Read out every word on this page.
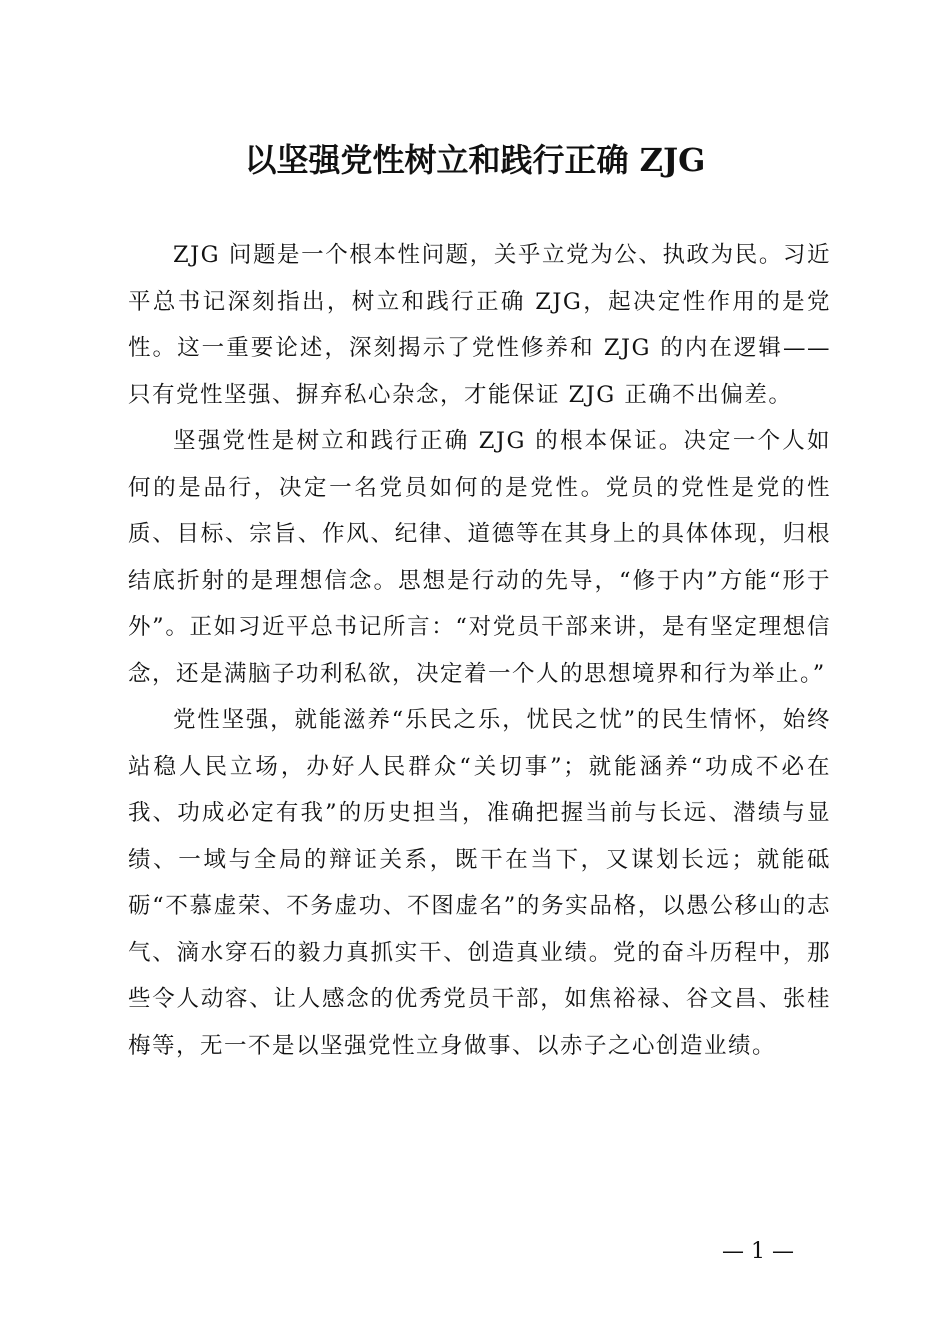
以坚强党性树立和践行正确 ZJG

ZJG 问题是一个根本性问题，关乎立党为公、执政为民。习近平总书记深刻指出，树立和践行正确 ZJG，起决定性作用的是党性。这一重要论述，深刻揭示了党性修养和 ZJG 的内在逻辑——只有党性坚强、摒弃私心杂念，才能保证 ZJG 正确不出偏差。

坚强党性是树立和践行正确 ZJG 的根本保证。决定一个人如何的是品行，决定一名党员如何的是党性。党员的党性是党的性质、目标、宗旨、作风、纪律、道德等在其身上的具体体现，归根结底折射的是理想信念。思想是行动的先导，“修于内”方能“形于外”。正如习近平总书记所言：“对党员干部来讲，是有坚定理想信念，还是满脑子功利私欲，决定着一个人的思想境界和行为举止。”

党性坚强，就能滋养“乐民之乐，忧民之忧”的民生情怀，始终站稳人民立场，办好人民群众“关切事”；就能涵养“功成不必在我、功成必定有我”的历史担当，准确把握当前与长远、潜绩与显绩、一域与全局的辩证关系，既干在当下，又谋划长远；就能砥砺“不慕虚荣、不务虚功、不图虚名”的务实品格，以愚公移山的志气、滴水穿石的毅力真抓实干、创造真业绩。党的奋斗历程中，那些令人动容、让人感念的优秀党员干部，如焦裕禄、谷文昌、张桂梅等，无一不是以坚强党性立身做事、以赤子之心创造业绩。

— 1 —
